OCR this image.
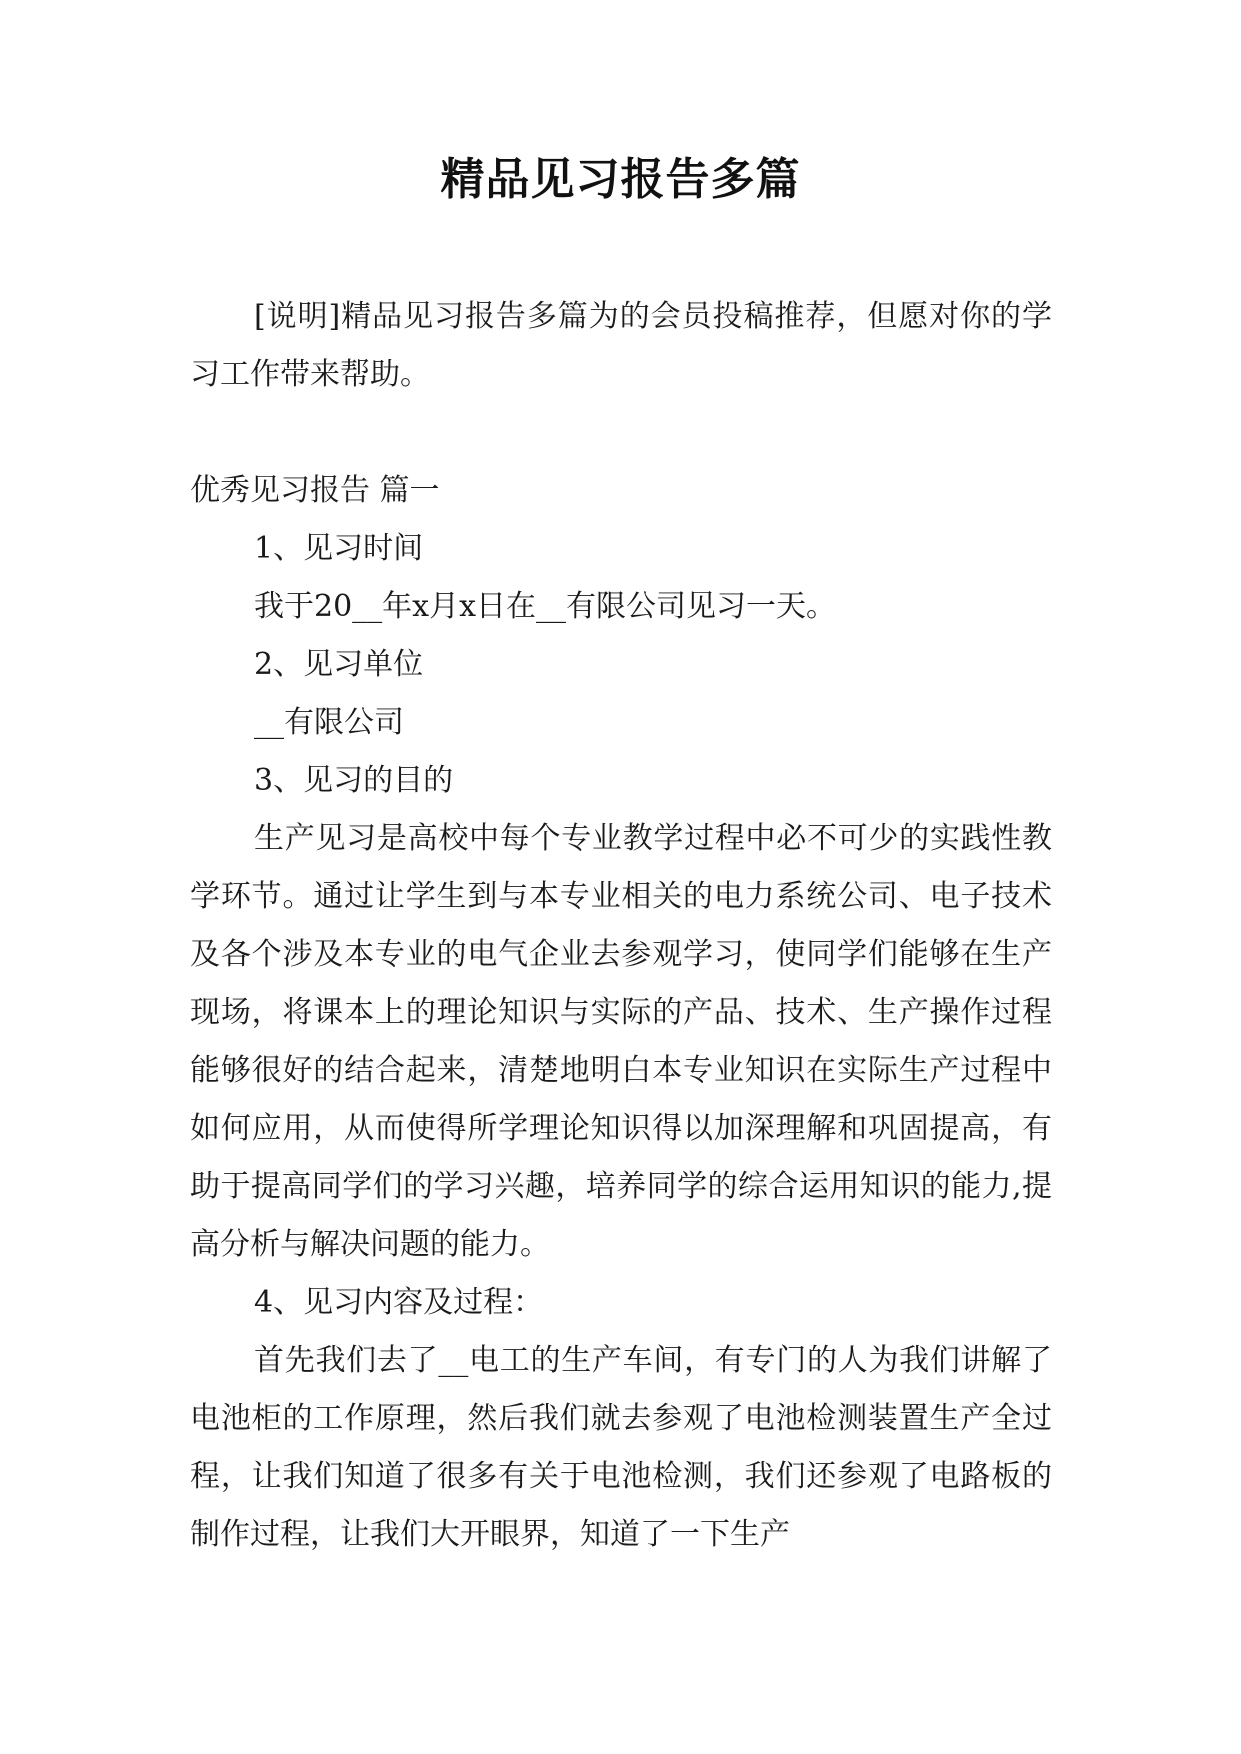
精品见习报告多篇

[说明]精品见习报告多篇为的会员投稿推荐，但愿对你的学习工作带来帮助。

优秀见习报告 篇一

1、见习时间

我于20__年x月x日在__有限公司见习一天。

2、见习单位

__有限公司

3、见习的目的

生产见习是高校中每个专业教学过程中必不可少的实践性教学环节。通过让学生到与本专业相关的电力系统公司、电子技术及各个涉及本专业的电气企业去参观学习，使同学们能够在生产现场，将课本上的理论知识与实际的产品、技术、生产操作过程能够很好的结合起来，清楚地明白本专业知识在实际生产过程中如何应用，从而使得所学理论知识得以加深理解和巩固提高，有助于提高同学们的学习兴趣，培养同学的综合运用知识的能力,提高分析与解决问题的能力。

4、见习内容及过程：

首先我们去了__电工的生产车间，有专门的人为我们讲解了电池柜的工作原理，然后我们就去参观了电池检测装置生产全过程，让我们知道了很多有关于电池检测，我们还参观了电路板的制作过程，让我们大开眼界，知道了一下生产
